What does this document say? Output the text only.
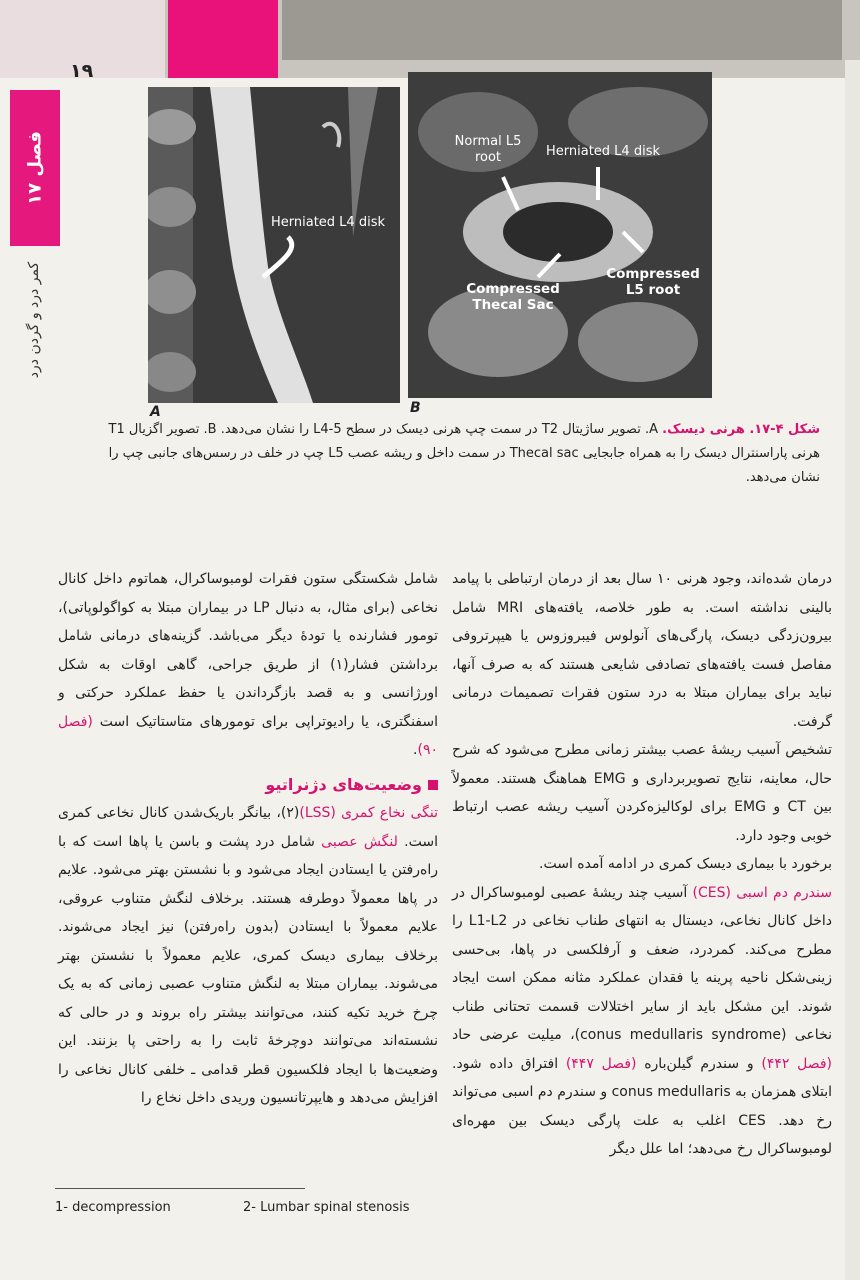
۱۹
فصل ۱۷
کمر درد و گردن درد
Herniated L4 disk
A
Normal L5 root	Herniated L4 disk
Compressed Thecal Sac
Compressed L5 root
B
شکل ۴-۱۷. هرنی دیسک. A. تصویر ساژیتال T2 در سمت چپ هرنی دیسک در سطح L4-5 را نشان می‌دهد. B. تصویر اگزیال T1 هرنی پاراسنترال دیسک را به همراه جابجایی Thecal sac در سمت داخل و ریشه عصب L5 چپ در خلف در رسس‌های جانبی چپ را نشان می‌دهد.

درمان شده‌اند، وجود هرنی ۱۰ سال بعد از درمان ارتباطی با پیامد بالینی نداشته است. به طور خلاصه، یافته‌های MRI شامل بیرون‌زدگی دیسک، پارگی‌های آنولوس فیبروزوس یا هیپرتروفی مفاصل فست یافته‌های تصادفی شایعی هستند که به صرف آنها، نباید برای بیماران مبتلا به درد ستون فقرات تصمیمات درمانی گرفت.

تشخیص آسیب ریشهٔ عصب بیشتر زمانی مطرح می‌شود که شرح حال، معاینه، نتایج تصویربرداری و EMG هماهنگ هستند. معمولاً بین CT و EMG برای لوکالیزه‌کردن آسیب ریشه عصب ارتباط خوبی وجود دارد.

برخورد با بیماری دیسک کمری در ادامه آمده است.

سندرم دم اسبی (CES) آسیب چند ریشهٔ عصبی لومبوساکرال در داخل کانال نخاعی، دیستال به انتهای طناب نخاعی در L1-L2 را مطرح می‌کند. کمردرد، ضعف و آرفلکسی در پاها، بی‌حسی زینی‌شکل ناحیه پرینه یا فقدان عملکرد مثانه ممکن است ایجاد شوند. این مشکل باید از سایر اختلالات قسمت تحتانی طناب نخاعی (conus medullaris syndrome)، میلیت عرضی حاد (فصل ۴۴۲) و سندرم گیلن‌باره (فصل ۴۴۷) افتراق داده شود. ابتلای همزمان به conus medullaris و سندرم دم اسبی می‌تواند رخ دهد. CES اغلب به علت پارگی دیسک بین مهره‌ای لومبوساکرال رخ می‌دهد؛ اما علل دیگر

شامل شکستگی ستون فقرات لومبوساکرال، هماتوم داخل کانال نخاعی (برای مثال، به دنبال LP در بیماران مبتلا به کواگولوپاتی)، تومور فشارنده یا تودهٔ دیگر می‌باشد. گزینه‌های درمانی شامل برداشتن فشار(۱) از طریق جراحی، گاهی اوقات به شکل اورژانسی و به قصد بازگرداندن یا حفظ عملکرد حرکتی و اسفنگتری، یا رادیوتراپی برای تومورهای متاستاتیک است (فصل ۹۰).

وضعیت‌های دژنراتیو

تنگی نخاع کمری (LSS)(۲)، بیانگر باریک‌شدن کانال نخاعی کمری است. لنگش عصبی شامل درد پشت و باسن یا پاها است که با راه‌رفتن یا ایستادن ایجاد می‌شود و با نشستن بهتر می‌شود. علایم در پاها معمولاً دوطرفه هستند. برخلاف لنگش متناوب عروقی، علایم معمولاً با ایستادن (بدون راه‌رفتن) نیز ایجاد می‌شوند. برخلاف بیماری دیسک کمری، علایم معمولاً با نشستن بهتر می‌شوند. بیماران مبتلا به لنگش متناوب عصبی زمانی که به یک چرخ خرید تکیه کنند، می‌توانند بیشتر راه بروند و در حالی که نشسته‌اند می‌توانند دوچرخهٔ ثابت را به راحتی پا بزنند. این وضعیت‌ها با ایجاد فلکسیون قطر قدامی ـ خلفی کانال نخاعی را افزایش می‌دهد و هایپرتانسیون وریدی داخل نخاع را

1- decompression	2- Lumbar spinal stenosis
